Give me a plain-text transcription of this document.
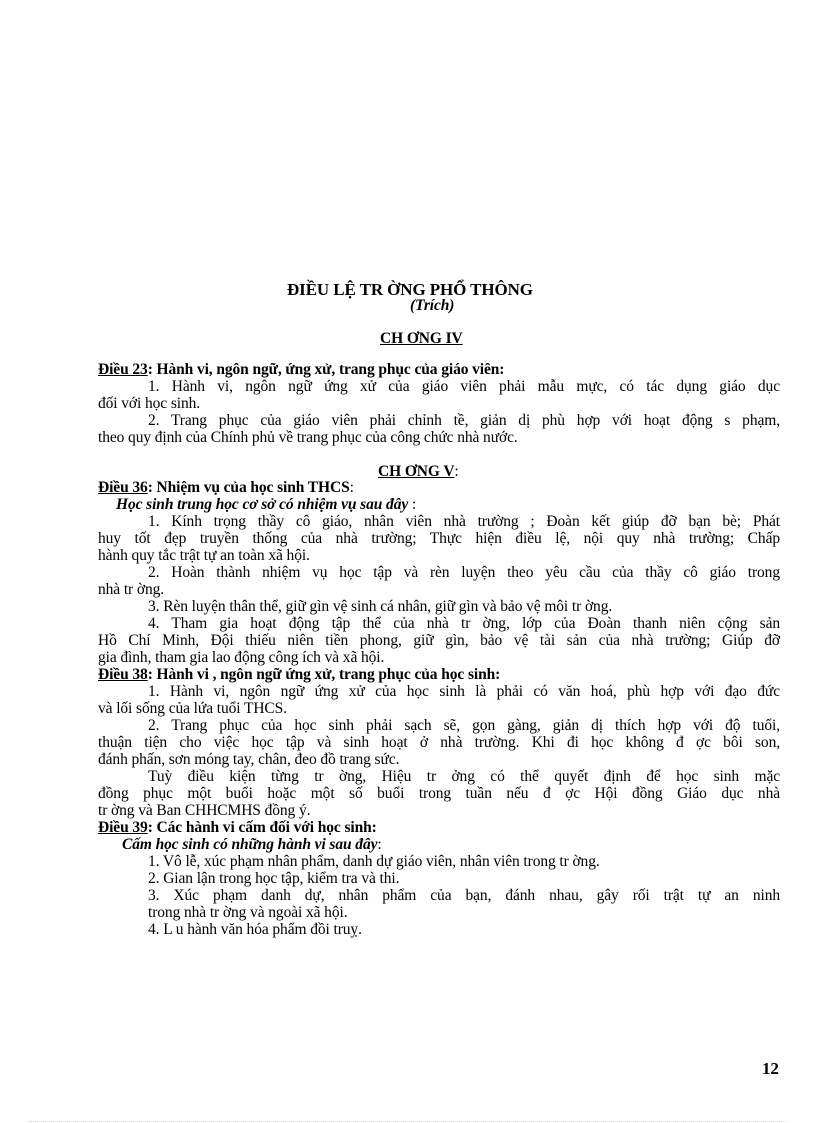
ĐIỀU LỆ TR ỜNG PHỔ THÔNG
(Trích)
CH ƠNG IV
Điều 23: Hành vi, ngôn ngữ, ứng xử, trang phục của giáo viên:
1. Hành vi, ngôn ngữ ứng xử của giáo viên phải mẫu mực, có tác dụng giáo dục
đối với học sinh.
2. Trang phục của giáo viên phải chỉnh tề, giản dị phù hợp với hoạt động s phạm,
theo quy định của Chính phủ về trang phục của công chức nhà nước.
CH ƠNG V:
Điều 36: Nhiệm vụ của học sinh THCS:
Học sinh trung học cơ sở có nhiệm vụ sau đây :
1. Kính trọng thầy cô giáo, nhân viên nhà trường ; Đoàn kết giúp đỡ bạn bè; Phát
huy tốt đẹp truyền thống của nhà trường; Thực hiện điều lệ, nội quy nhà trường; Chấp
hành quy tắc trật tự an toàn xã hội.
2. Hoàn thành nhiệm vụ học tập và rèn luyện theo yêu cầu của thầy cô giáo trong
nhà tr ờng.
3. Rèn luyện thân thể, giữ gìn vệ sinh cá nhân, giữ gìn và bảo vệ môi tr ờng.
4. Tham gia hoạt động tập thể của nhà tr ờng, lớp của Đoàn thanh niên cộng sản
Hồ Chí Minh, Đội thiếu niên tiền phong, giữ gìn, bảo vệ tài sản của nhà trường; Giúp đỡ
gia đình, tham gia lao động công ích và xã hội.
Điều 38: Hành vi , ngôn ngữ ứng xử, trang phục của học sinh:
1. Hành vi, ngôn ngữ ứng xử của học sinh là phải có văn hoá, phù hợp với đạo đức
và lối sống của lứa tuổi THCS.
2. Trang phục của học sinh phải sạch sẽ, gọn gàng, giản dị thích hợp với độ tuổi,
thuận tiện cho việc học tập và sinh hoạt ở nhà trường. Khi đi học không đ ợc bôi son,
đánh phấn, sơn móng tay, chân, đeo đồ trang sức.
Tuỳ điều kiện từng tr ờng, Hiệu tr ởng có thể quyết định để học sinh mặc
đồng phục một buổi hoặc một số buổi trong tuần nếu đ ợc Hội đồng Giáo dục nhà
tr ờng và Ban CHHCMHS đồng ý.
Điều 39: Các hành vi cấm đối với học sinh:
Cấm học sinh có những hành vi sau đây:
1. Vô lễ, xúc phạm nhân phẩm, danh dự giáo viên, nhân viên trong tr ờng.
2. Gian lận trong học tập, kiểm tra và thi.
3. Xúc phạm danh dự, nhân phẩm của bạn, đánh nhau, gây rối trật tự an ninh
trong nhà tr ờng và ngoài xã hội.
4. L u hành văn hóa phẩm đồi truỵ.
12
